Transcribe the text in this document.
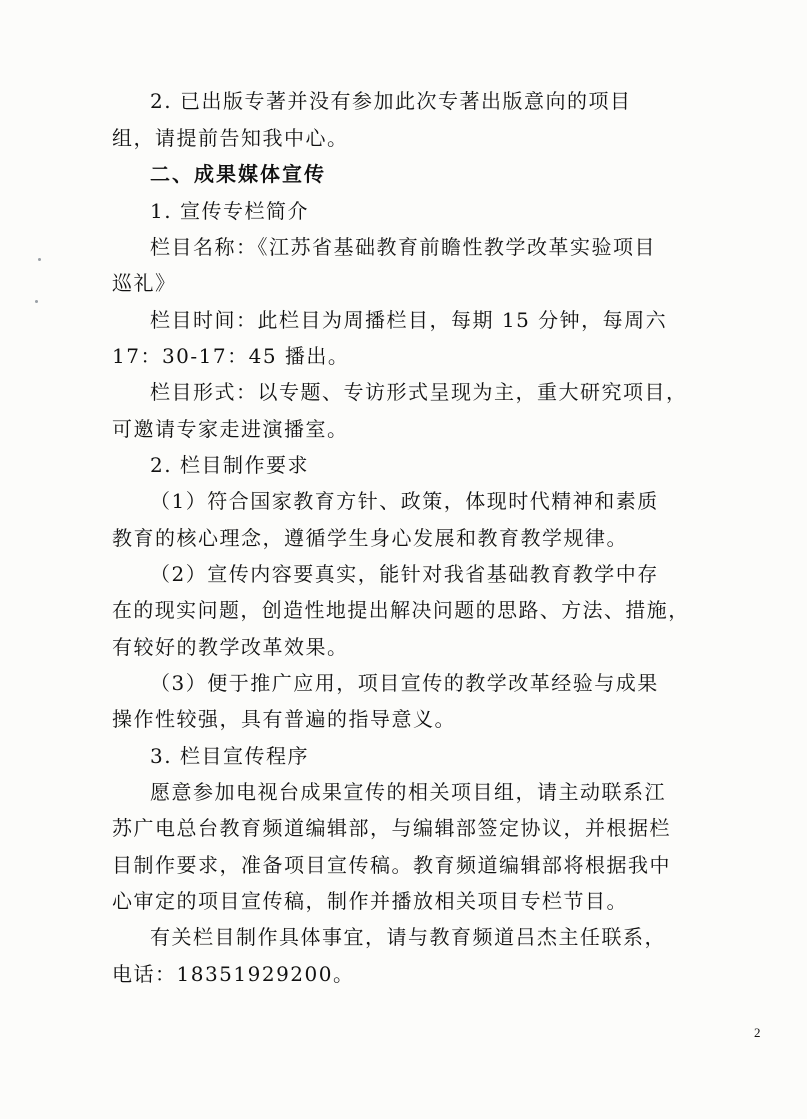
2. 已出版专著并没有参加此次专著出版意向的项目
组，请提前告知我中心。
二、成果媒体宣传
1. 宣传专栏简介
栏目名称：《江苏省基础教育前瞻性教学改革实验项目
巡礼》
栏目时间：此栏目为周播栏目，每期 15 分钟，每周六
17：30-17：45 播出。
栏目形式：以专题、专访形式呈现为主，重大研究项目，
可邀请专家走进演播室。
2. 栏目制作要求
（1）符合国家教育方针、政策，体现时代精神和素质
教育的核心理念，遵循学生身心发展和教育教学规律。
（2）宣传内容要真实，能针对我省基础教育教学中存
在的现实问题，创造性地提出解决问题的思路、方法、措施，
有较好的教学改革效果。
（3）便于推广应用，项目宣传的教学改革经验与成果
操作性较强，具有普遍的指导意义。
3. 栏目宣传程序
愿意参加电视台成果宣传的相关项目组，请主动联系江
苏广电总台教育频道编辑部，与编辑部签定协议，并根据栏
目制作要求，准备项目宣传稿。教育频道编辑部将根据我中
心审定的项目宣传稿，制作并播放相关项目专栏节目。
有关栏目制作具体事宜，请与教育频道吕杰主任联系，
电话：18351929200。
2
